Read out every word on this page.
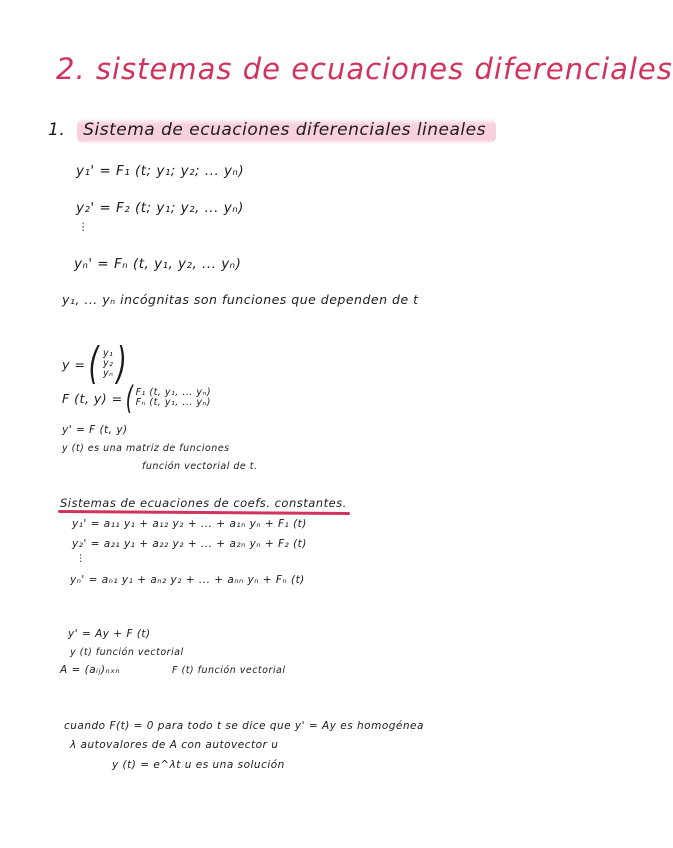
2. sistemas de ecuaciones diferenciales
1. Sistema de ecuaciones diferenciales lineales
y₁' = F₁ (t; y₁; y₂; ... yₙ)
y₂' = F₂ (t; y₁; y₂, ... yₙ)
⋮
yₙ' = Fₙ (t, y₁, y₂, ... yₙ)
y₁, ... yₙ incógnitas son funciones que dependen de t
y = ( y₁
y₂
yₙ )
F (t, y) = ( F₁ (t, y₁, ... yₙ)
Fₙ (t, y₁, ... yₙ)
y' = F (t, y)
y (t) es una matriz de funciones
función vectorial de t.
Sistemas de ecuaciones de coefs. constantes.
y₁' = a₁₁ y₁ + a₁₂ y₂ + ... + a₁ₙ yₙ + F₁ (t)
y₂' = a₂₁ y₁ + a₂₂ y₂ + ... + a₂ₙ yₙ + F₂ (t)
⋮
yₙ' = aₙ₁ y₁ + aₙ₂ y₂ + ... + aₙₙ yₙ + Fₙ (t)
y' = Ay + F (t)
y (t) función vectorial
A = (aᵢⱼ)ₙₓₙ	F (t) función vectorial
cuando F(t) = 0 para todo t se dice que y' = Ay es homogénea
λ autovalores de A con autovector u
y (t) = e^λt u es una solución
